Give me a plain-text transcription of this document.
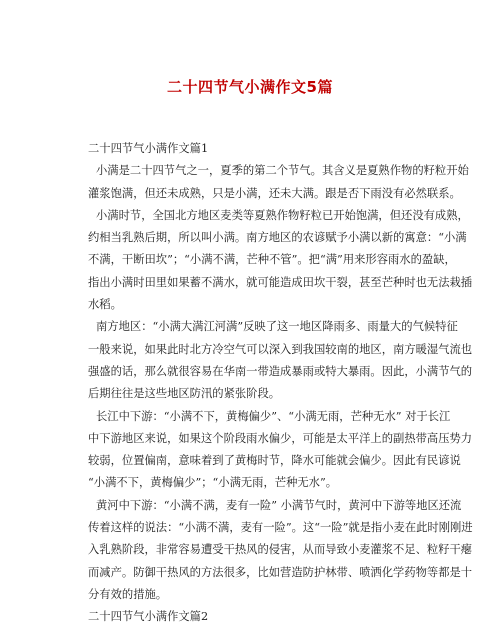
二十四节气小满作文5篇

二十四节气小满作文篇1

小满是二十四节气之一，夏季的第二个节气。其含义是夏熟作物的籽粒开始
灌浆饱满，但还未成熟，只是小满，还未大满。跟是否下雨没有必然联系。
小满时节，全国北方地区麦类等夏熟作物籽粒已开始饱满，但还没有成熟，
约相当乳熟后期，所以叫小满。南方地区的农谚赋予小满以新的寓意：“小满
不满，干断田坎”；“小满不满，芒种不管”。把“满”用来形容雨水的盈缺，
指出小满时田里如果蓄不满水，就可能造成田坎干裂，甚至芒种时也无法栽插
水稻。
南方地区：“小满大满江河满”反映了这一地区降雨多、雨量大的气候特征
一般来说，如果此时北方冷空气可以深入到我国较南的地区，南方暖湿气流也
强盛的话，那么就很容易在华南一带造成暴雨或特大暴雨。因此，小满节气的
后期往往是这些地区防汛的紧张阶段。
长江中下游：“小满不下，黄梅偏少”、“小满无雨，芒种无水” 对于长江
中下游地区来说，如果这个阶段雨水偏少，可能是太平洋上的副热带高压势力
较弱，位置偏南，意味着到了黄梅时节，降水可能就会偏少。因此有民谚说
“小满不下，黄梅偏少”；“小满无雨，芒种无水”。
黄河中下游：“小满不满，麦有一险” 小满节气时，黄河中下游等地区还流
传着这样的说法：“小满不满，麦有一险”。这“一险”就是指小麦在此时刚刚进
入乳熟阶段，非常容易遭受干热风的侵害，从而导致小麦灌浆不足、粒籽干瘪
而减产。防御干热风的方法很多，比如营造防护林带、喷洒化学药物等都是十
分有效的措施。

二十四节气小满作文篇2
